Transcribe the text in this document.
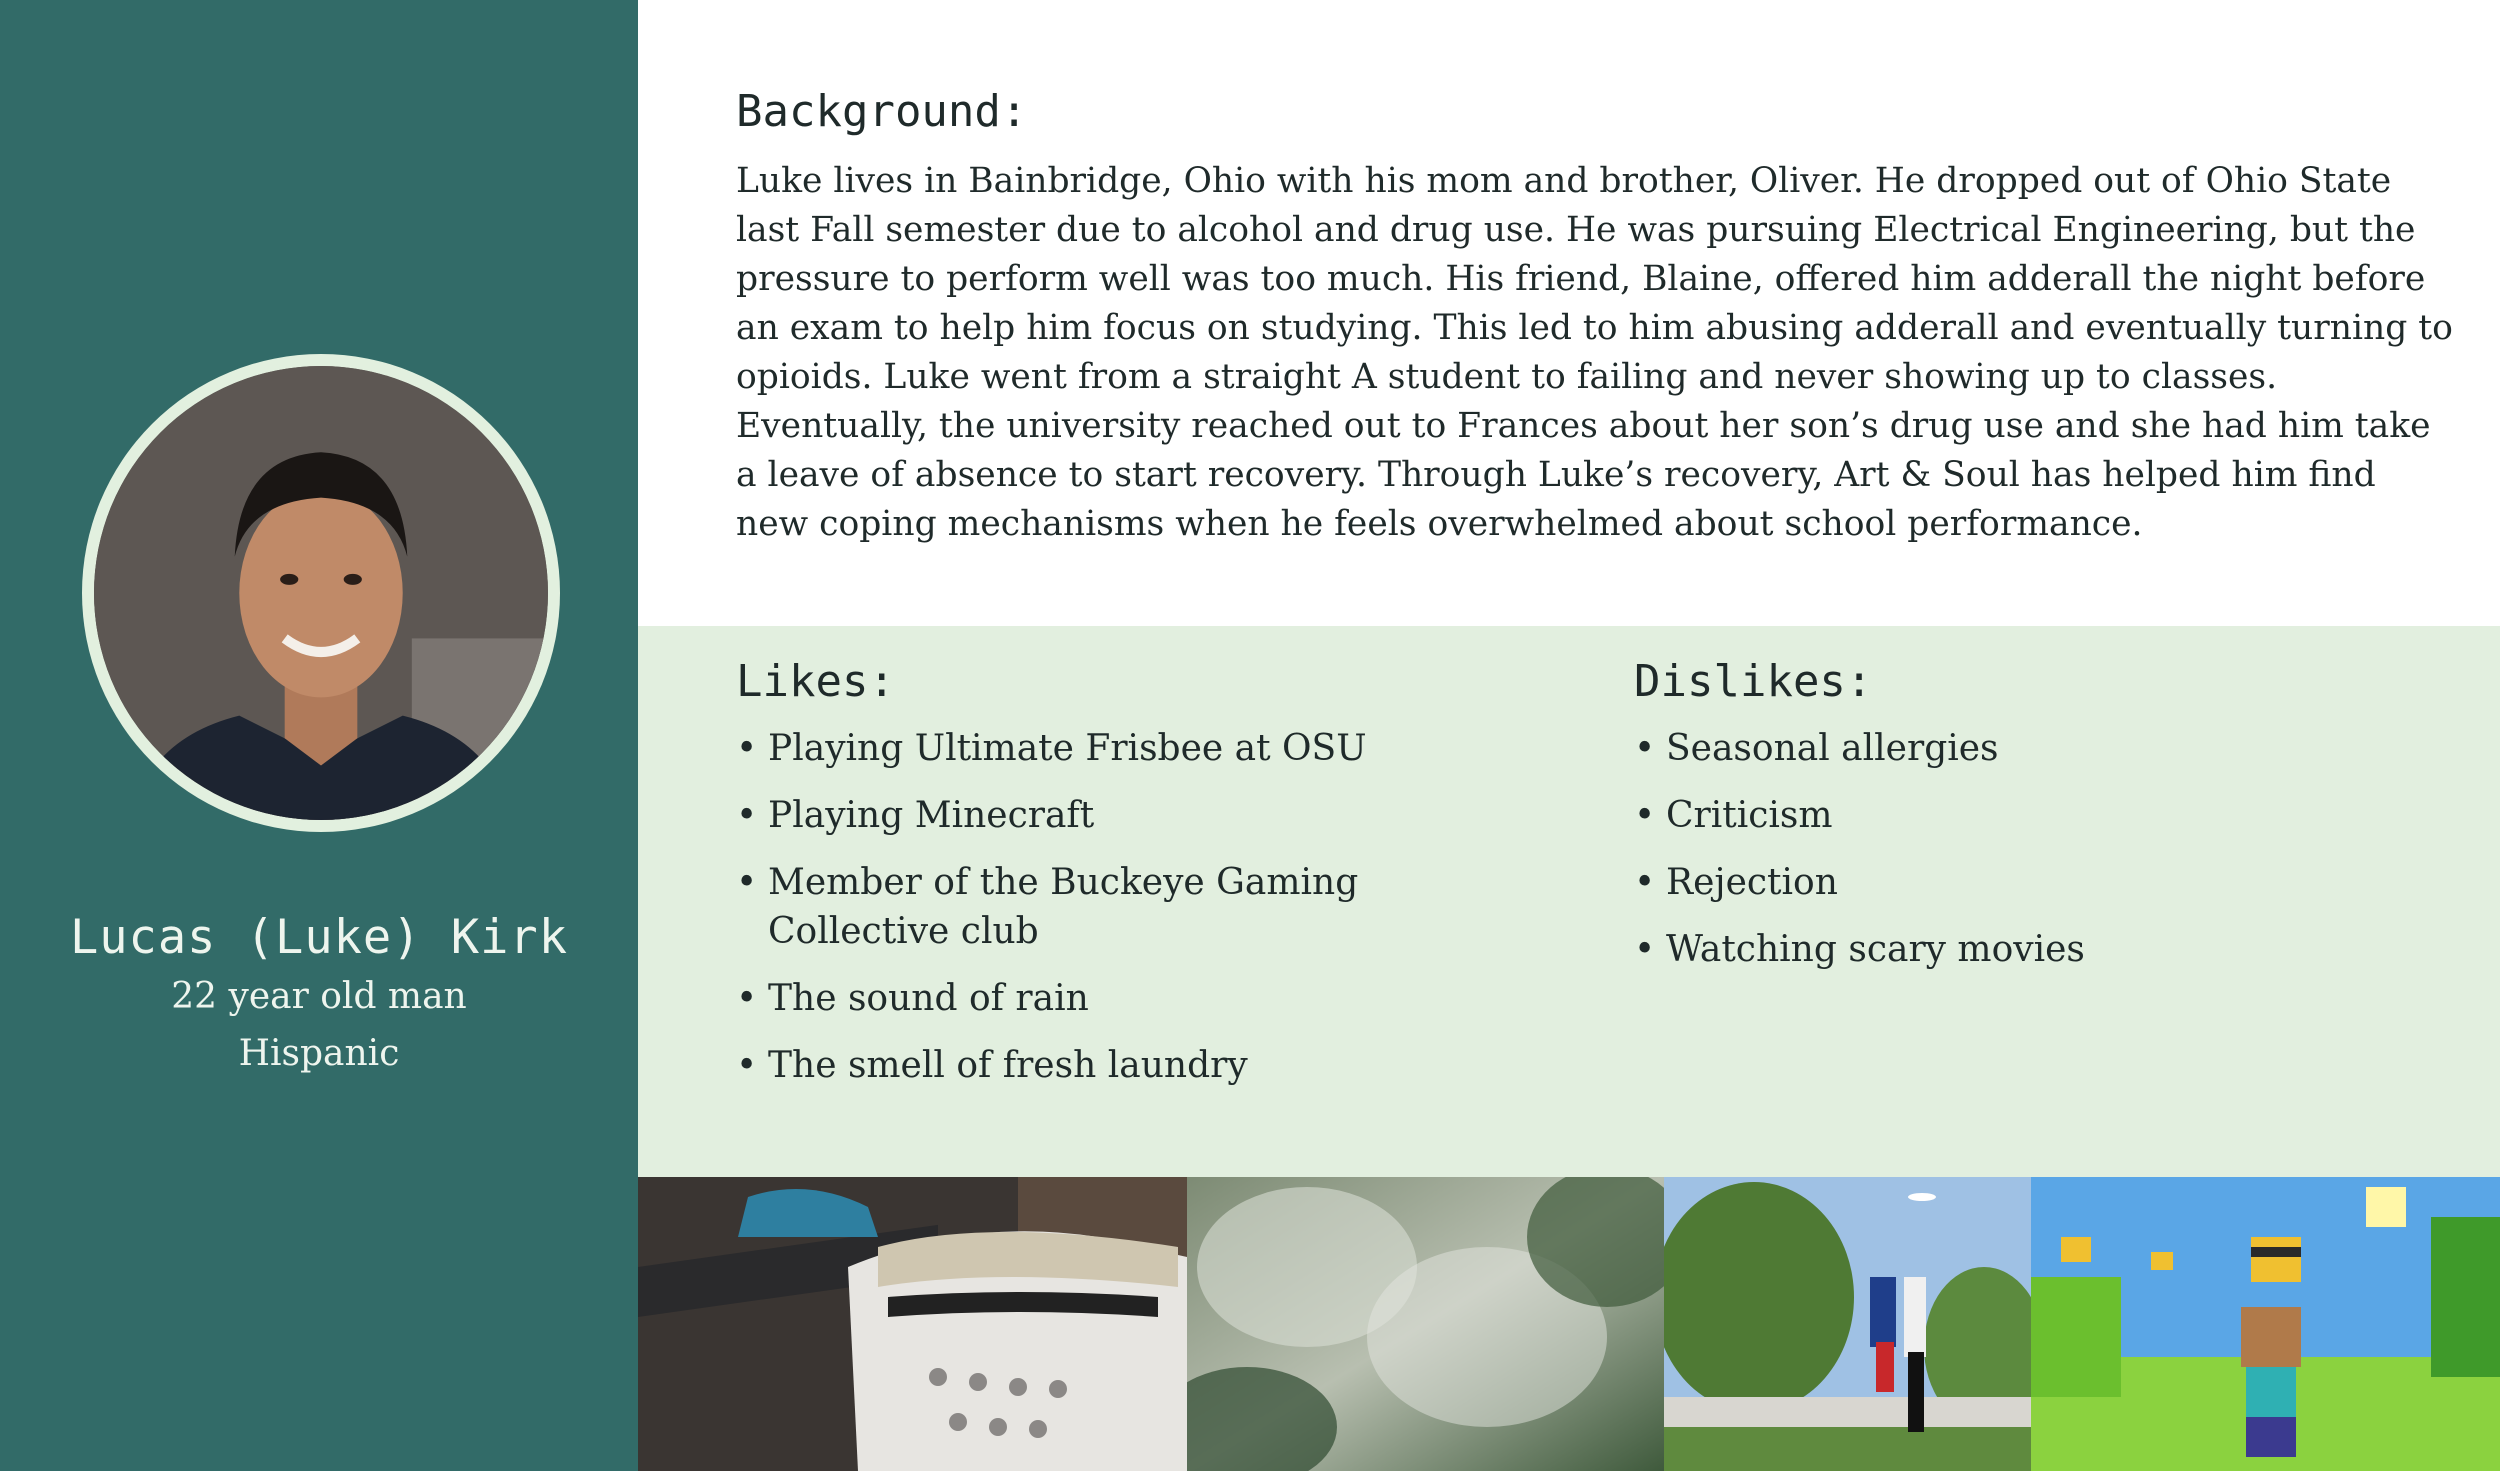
Lucas (Luke) Kirk
22 year old man
Hispanic
Background:

Luke lives in Bainbridge, Ohio with his mom and brother, Oliver. He dropped out of Ohio State last Fall semester due to alcohol and drug use. He was pursuing Electrical Engineering, but the pressure to perform well was too much. His friend, Blaine, offered him adderall the night before an exam to help him focus on studying. This led to him abusing adderall and eventually turning to opioids. Luke went from a straight A student to failing and never showing up to classes. Eventually, the university reached out to Frances about her son’s drug use and she had him take a leave of absence to start recovery. Through Luke’s recovery, Art & Soul has helped him find new coping mechanisms when he feels overwhelmed about school performance.

Likes:
• Playing Ultimate Frisbee at OSU
• Playing Minecraft
• Member of the Buckeye Gaming Collective club
• The sound of rain
• The smell of fresh laundry
Dislikes:
• Seasonal allergies
• Criticism
• Rejection
• Watching scary movies
